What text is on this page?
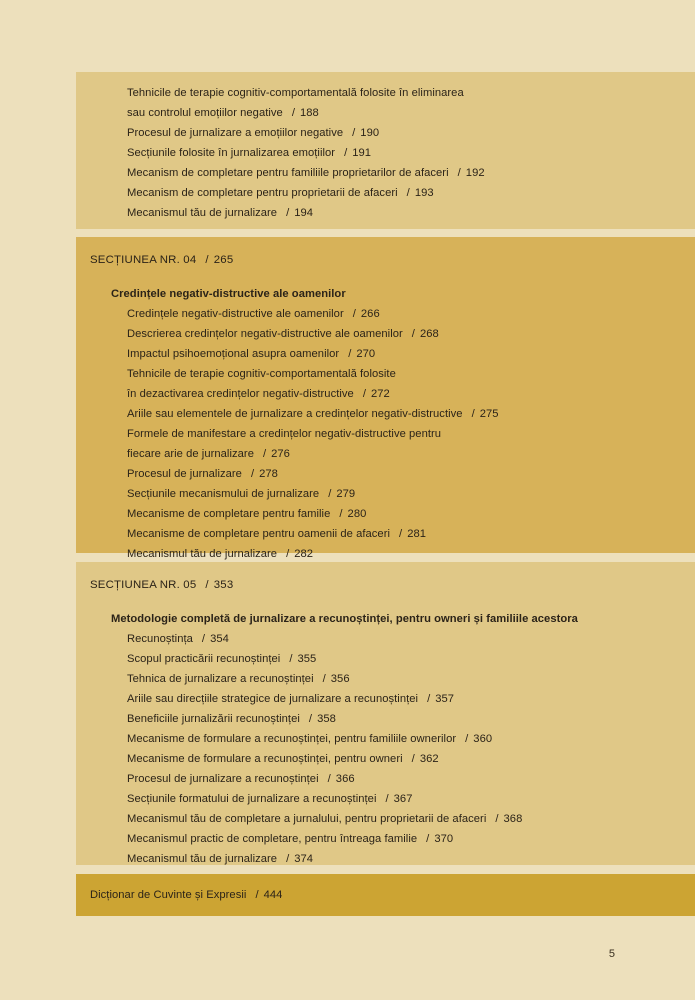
Tehnicile de terapie cognitiv-comportamentală folosite în eliminarea
sau controlul emoțiilor negative / 188
Procesul de jurnalizare a emoțiilor negative / 190
Secțiunile folosite în jurnalizarea emoțiilor / 191
Mecanism de completare pentru familiile proprietarilor de afaceri / 192
Mecanism de completare pentru proprietarii de afaceri / 193
Mecanismul tău de jurnalizare / 194
SECȚIUNEA NR. 04 / 265
Credințele negativ-distructive ale oamenilor
Credințele negativ-distructive ale oamenilor / 266
Descrierea credințelor negativ-distructive ale oamenilor / 268
Impactul psihoemoțional asupra oamenilor / 270
Tehnicile de terapie cognitiv-comportamentală folosite
în dezactivarea credințelor negativ-distructive / 272
Ariile sau elementele de jurnalizare a credințelor negativ-distructive / 275
Formele de manifestare a credințelor negativ-distructive pentru
fiecare arie de jurnalizare / 276
Procesul de jurnalizare / 278
Secțiunile mecanismului de jurnalizare / 279
Mecanisme de completare pentru familie / 280
Mecanisme de completare pentru oamenii de afaceri / 281
Mecanismul tău de jurnalizare / 282
SECȚIUNEA NR. 05 / 353
Metodologie completă de jurnalizare a recunoștinței, pentru owneri și familiile acestora
Recunoștința / 354
Scopul practicării recunoștinței / 355
Tehnica de jurnalizare a recunoștinței / 356
Ariile sau direcțiile strategice de jurnalizare a recunoștinței / 357
Beneficiile jurnalizării recunoștinței / 358
Mecanisme de formulare a recunoștinței, pentru familiile ownerilor / 360
Mecanisme de formulare a recunoștinței, pentru owneri / 362
Procesul de jurnalizare a recunoștinței / 366
Secțiunile formatului de jurnalizare a recunoștinței / 367
Mecanismul tău de completare a jurnalului, pentru proprietarii de afaceri / 368
Mecanismul practic de completare, pentru întreaga familie / 370
Mecanismul tău de jurnalizare / 374
Dicționar de Cuvinte și Expresii / 444
5
